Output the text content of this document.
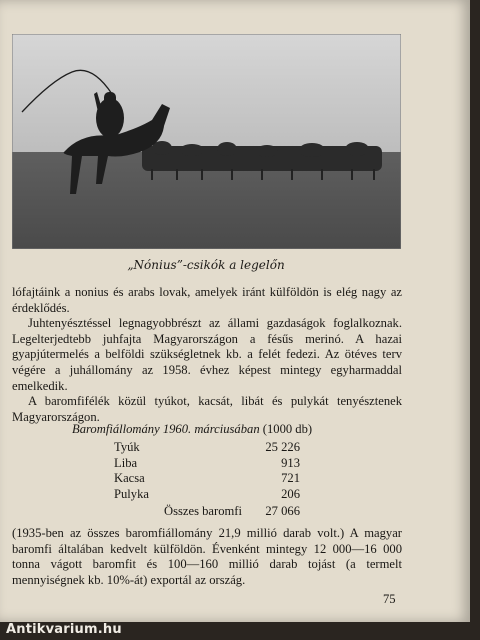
„Nónius”-csikók a legelőn

lófajtáink a nonius és arabs lovak, amelyek iránt külföldön is elég nagy az érdeklődés.

Juhtenyésztéssel legnagyobbrészt az állami gazdaságok foglalkoznak. Legelterjedtebb juhfajta Magyarországon a fésűs merinó. A hazai gyapjútermelés a belföldi szükségletnek kb. a felét fedezi. Az ötéves terv végére a juhállomány az 1958. évhez képest mintegy egyharmaddal emelkedik.

A baromfifélék közül tyúkot, kacsát, libát és pulykát tenyésztenek Magyarországon.

Baromfiállomány 1960. márciusában (1000 db)
Tyúk	25 226
Liba	913
Kacsa	721
Pulyka	206
Összes baromfi	27 066

(1935-ben az összes baromfiállomány 21,9 millió darab volt.) A magyar baromfi általában kedvelt külföldön. Évenként mintegy 12 000—16 000 tonna vágott baromfit és 100—160 millió darab tojást (a termelt mennyiségnek kb. 10%-át) exportál az ország.

75
Antikvarium.hu
